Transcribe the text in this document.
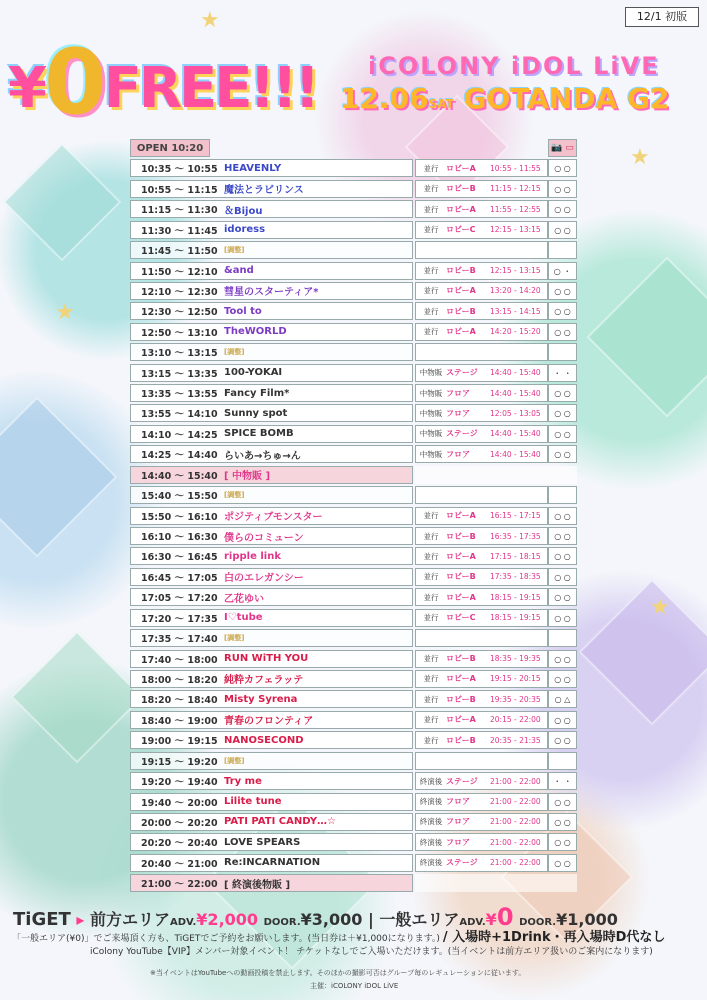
★
★
★
★
12/1 初版
¥0FREE!!! iCOLONY iDOL LiVE
12.06SAT GOTANDA G2
OPEN 10:20	📷 ▭
10:35 ～ 10:55 HEAVENLY	並行 ロビーA	10:55 - 11:55	○ ○
10:55 ～ 11:15 魔法とラビリンス	並行 ロビーB	11:15 - 12:15	○ ○
11:15 ～ 11:30 ＆Bijou	並行 ロビーA	11:55 - 12:55	○ ○
11:30 ～ 11:45 idoress	並行 ロビーC	12:15 - 13:15	○ ○
11:45 ～ 11:50 [調整]
11:50 ～ 12:10 &and	並行 ロビーB	12:15 - 13:15	○ ・
12:10 ～ 12:30 彗星のスターティア*	並行 ロビーA	13:20 - 14:20	○ ○
12:30 ～ 12:50 Tool to	並行 ロビーB	13:15 - 14:15	○ ○
12:50 ～ 13:10 TheWORLD	並行 ロビーA	14:20 - 15:20	○ ○
13:10 ～ 13:15 [調整]
13:15 ～ 13:35 100-YOKAI	中物販 ステージ	14:40 - 15:40	・ ・
13:35 ～ 13:55 Fancy Film*	中物販 フロア	14:40 - 15:40	○ ○
13:55 ～ 14:10 Sunny spot	中物販 フロア	12:05 - 13:05	○ ○
14:10 ～ 14:25 SPICE BOMB	中物販 ステージ	14:40 - 15:40	○ ○
14:25 ～ 14:40 らいあ→ちゅ→ん	中物販 フロア	14:40 - 15:40	○ ○
14:40 ～ 15:40 [ 中物販 ]
15:40 ～ 15:50 [調整]
15:50 ～ 16:10 ポジティブモンスター	並行 ロビーA	16:15 - 17:15	○ ○
16:10 ～ 16:30 僕らのコミューン	並行 ロビーB	16:35 - 17:35	○ ○
16:30 ～ 16:45 ripple link	並行 ロビーA	17:15 - 18:15	○ ○
16:45 ～ 17:05 白のエレガンシー	並行 ロビーB	17:35 - 18:35	○ ○
17:05 ～ 17:20 乙花ゆい	並行 ロビーA	18:15 - 19:15	○ ○
17:20 ～ 17:35 I♡tube	並行 ロビーC	18:15 - 19:15	○ ○
17:35 ～ 17:40 [調整]
17:40 ～ 18:00 RUN WiTH YOU	並行 ロビーB	18:35 - 19:35	○ ○
18:00 ～ 18:20 純粋カフェラッテ	並行 ロビーA	19:15 - 20:15	○ ○
18:20 ～ 18:40 Misty Syrena	並行 ロビーB	19:35 - 20:35	○ △
18:40 ～ 19:00 青春のフロンティア	並行 ロビーA	20:15 - 22:00	○ ○
19:00 ～ 19:15 NANOSECOND	並行 ロビーB	20:35 - 21:35	○ ○
19:15 ～ 19:20 [調整]
19:20 ～ 19:40 Try me	終演後 ステージ	21:00 - 22:00	・ ・
19:40 ～ 20:00 Lilite tune	終演後 フロア	21:00 - 22:00	○ ○
20:00 ～ 20:20 PATI PATI CANDY…☆	終演後 フロア	21:00 - 22:00	○ ○
20:20 ～ 20:40 LOVE SPEARS	終演後 フロア	21:00 - 22:00	○ ○
20:40 ～ 21:00 Re:INCARNATION	終演後 ステージ	21:00 - 22:00	○ ○
21:00 ～ 22:00 [ 終演後物販 ]
TiGET ▸ 前方エリアADV.¥2,000 DOOR.¥3,000 | 一般エリアADV.¥0 DOOR.¥1,000
「一般エリア(¥0)」でご来場頂く方も、TiGETでご予約をお願いします。(当日券は＋¥1,000になります。) / 入場時+1Drink・再入場時D代なし
iColony YouTube【VIP】メンバー対象イベント！ チケットなしでご入場いただけます。(当イベントは前方エリア扱いのご案内になります)
※当イベントはYouTubeへの動画投稿を禁止します。そのほかの撮影可否はグループ毎のレギュレーションに従います。
主催：iCOLONY iDOL LiVE
